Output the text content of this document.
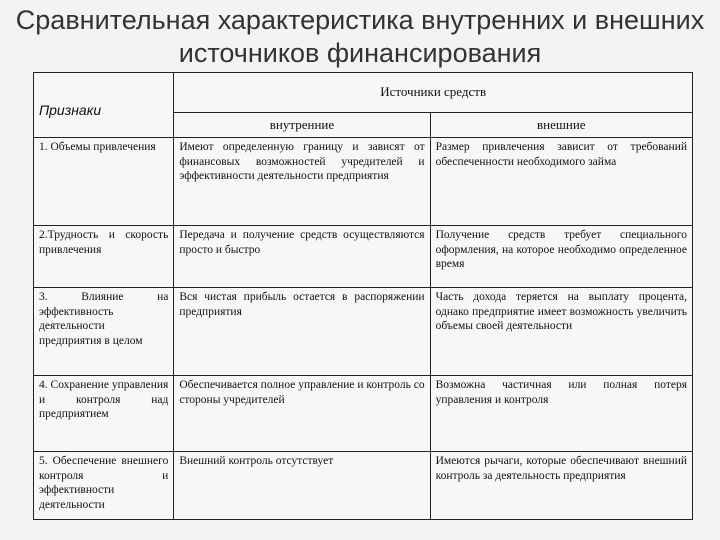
Сравнительная характеристика внутренних и внешних источников финансирования
Признаки	Источники средств	
	внутренние	внешние
1. Объемы привлечения	Имеют определенную границу и зависят от финансовых возможностей учредителей и эффективности деятельности предприятия	Размер привлечения зависит от требований обеспеченности необходимого займа
2.Трудность и скорость привлечения	Передача и получение средств осуществляются просто и быстро	Получение средств требует специального оформления, на которое необходимо определенное время
3. Влияние на эффективность деятельности предприятия в целом	Вся чистая прибыль остается в распоряжении предприятия	Часть дохода теряется на выплату процента, однако предприятие имеет возможность увеличить объемы своей деятельности
4. Сохранение управления и контроля над предприятием	Обеспечивается полное управление и контроль со стороны учредителей	Возможна частичная или полная потеря управления и контроля
5. Обеспечение внешнего контроля и эффективности деятельности	Внешний контроль отсутствует	Имеются рычаги, которые обеспечивают внешний контроль за деятельность предприятия
